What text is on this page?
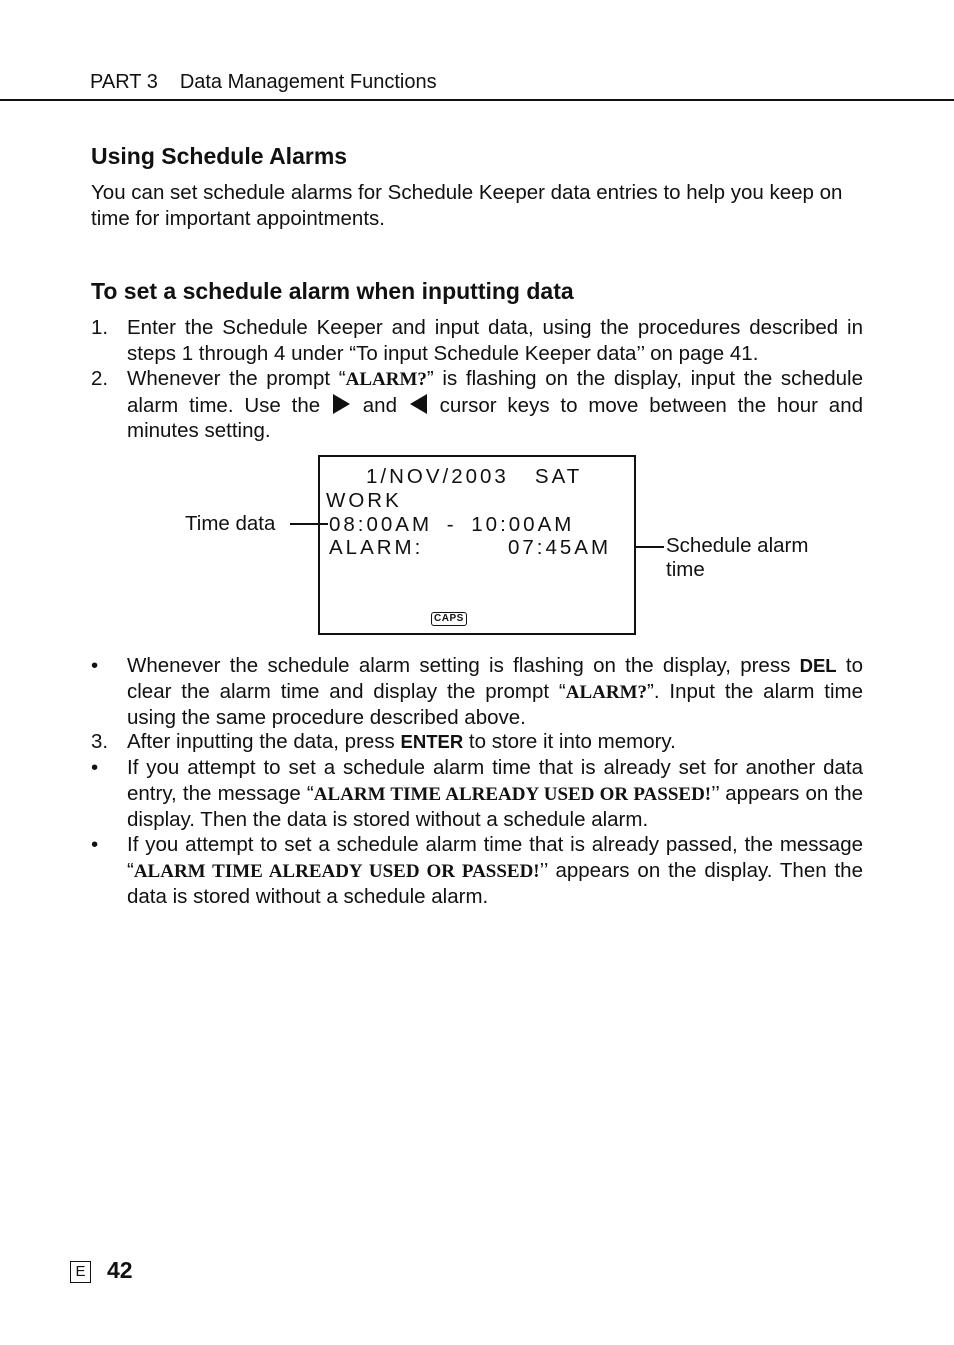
PART 3 Data Management Functions
Using Schedule Alarms
You can set schedule alarms for Schedule Keeper data entries to help you keep on time for important appointments.
To set a schedule alarm when inputting data
1. Enter the Schedule Keeper and input data, using the procedures described in steps 1 through 4 under “To input Schedule Keeper data’’ on page 41.
2. Whenever the prompt “ALARM?” is flashing on the display, input the schedule alarm time. Use the  and  cursor keys to move between the hour and minutes setting.
1/NOV/2003   SAT
WORK
08:00AM - 10:00AM
ALARM:	07:45AM
CAPS
Time data
Schedule alarm
time
• Whenever the schedule alarm setting is flashing on the display, press DEL to clear the alarm time and display the prompt “ALARM?”. Input the alarm time using the same procedure described above.
3. After inputting the data, press ENTER to store it into memory.
• If you attempt to set a schedule alarm time that is already set for another data entry, the message “ALARM TIME ALREADY USED OR PASSED!’’ appears on the display. Then the data is stored without a schedule alarm.
• If you attempt to set a schedule alarm time that is already passed, the message “ALARM TIME ALREADY USED OR PASSED!’’ appears on the display. Then the data is stored without a schedule alarm.
E 42
